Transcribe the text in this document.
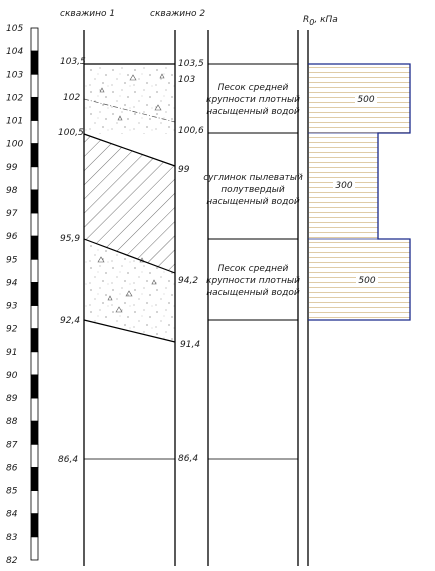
скважино 1	скважино 2
R0, кПа
105
104
103
102
101
100
99
98
97
96
95
94
93
92
91
90
89
88
87
86
85
84
83
82
103,5
102
100,5
95,9
92,4
86,4
103,5
103
100,6
99
94,2
91,4
86,4
Песок средней
крупности плотный
насыщенный водой
суглинок пылеватый
полутвердый
насыщенный водой
Песок средней
крупности плотный
насыщенный водой
500
300
500
